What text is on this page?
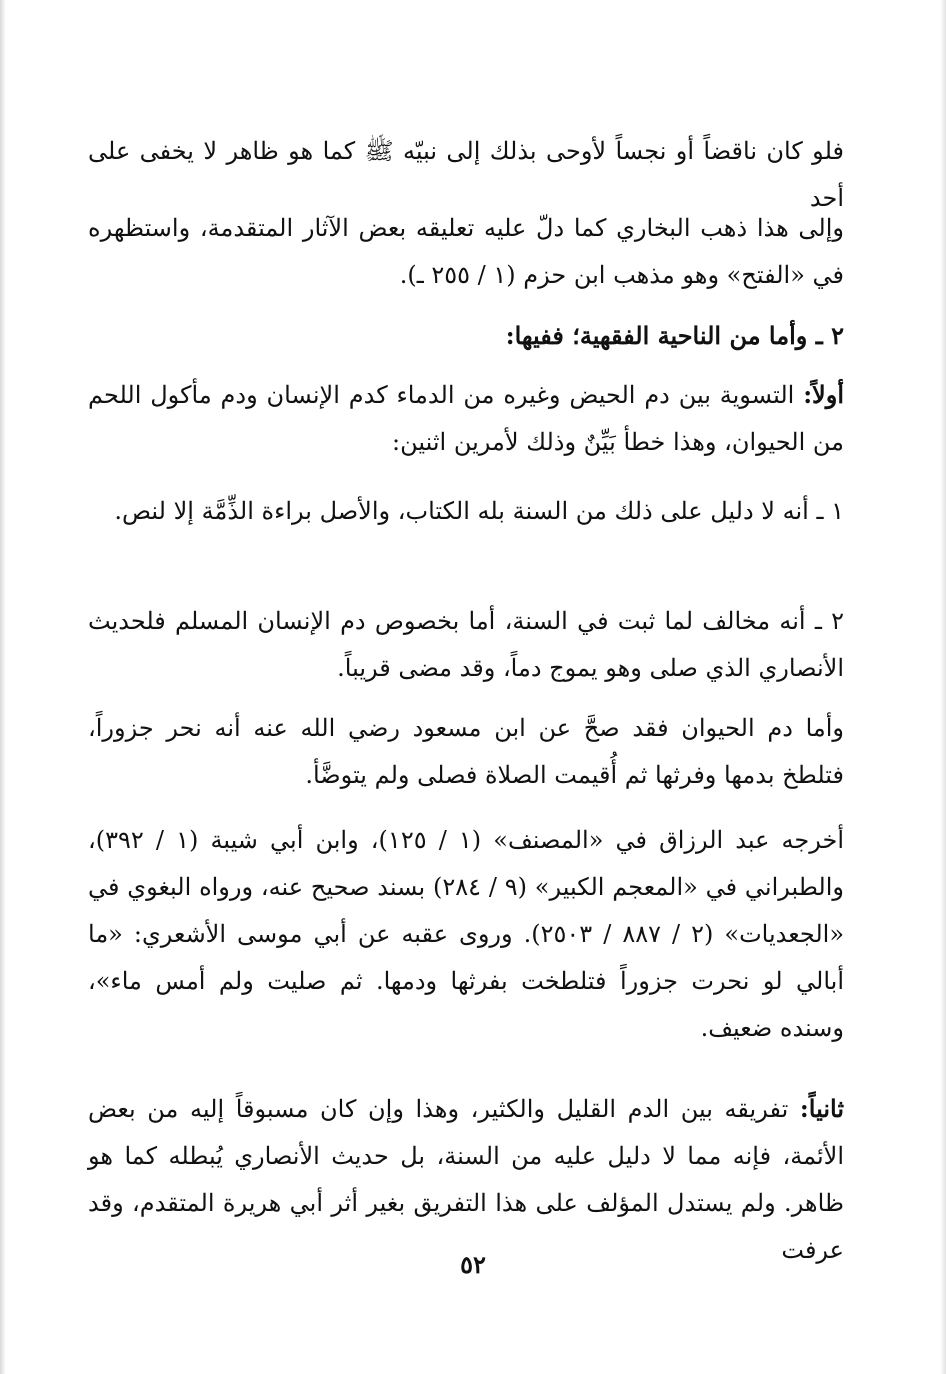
فلو كان ناقضاً أو نجساً لأوحى بذلك إلى نبيّه ﷺ كما هو ظاهر لا يخفى على أحد
وإلى هذا ذهب البخاري كما دلّ عليه تعليقه بعض الآثار المتقدمة، واستظهره في «الفتح» وهو مذهب ابن حزم (١ / ٢٥٥ ـ).
٢ ـ وأما من الناحية الفقهية؛ ففيها:
أولاً: التسوية بين دم الحيض وغيره من الدماء كدم الإنسان ودم مأكول اللحم من الحيوان، وهذا خطأ بَيِّنٌ وذلك لأمرين اثنين:
١ ـ أنه لا دليل على ذلك من السنة بله الكتاب، والأصل براءة الذِّمَّة إلا لنص.
٢ ـ أنه مخالف لما ثبت في السنة، أما بخصوص دم الإنسان المسلم فلحديث الأنصاري الذي صلى وهو يموج دماً، وقد مضى قريباً.
وأما دم الحيوان فقد صحَّ عن ابن مسعود رضي الله عنه أنه نحر جزوراً، فتلطخ بدمها وفرثها ثم أُقيمت الصلاة فصلى ولم يتوضَّأ.
أخرجه عبد الرزاق في «المصنف» (١ / ١٢٥)، وابن أبي شيبة (١ / ٣٩٢)، والطبراني في «المعجم الكبير» (٩ / ٢٨٤) بسند صحيح عنه، ورواه البغوي في «الجعديات» (٢ / ٨٨٧ / ٢٥٠٣). وروى عقبه عن أبي موسى الأشعري: «ما أبالي لو نحرت جزوراً فتلطخت بفرثها ودمها. ثم صليت ولم أمس ماء»، وسنده ضعيف.
ثانياً: تفريقه بين الدم القليل والكثير، وهذا وإن كان مسبوقاً إليه من بعض الأئمة، فإنه مما لا دليل عليه من السنة، بل حديث الأنصاري يُبطله كما هو ظاهر. ولم يستدل المؤلف على هذا التفريق بغير أثر أبي هريرة المتقدم، وقد عرفت
٥٢
